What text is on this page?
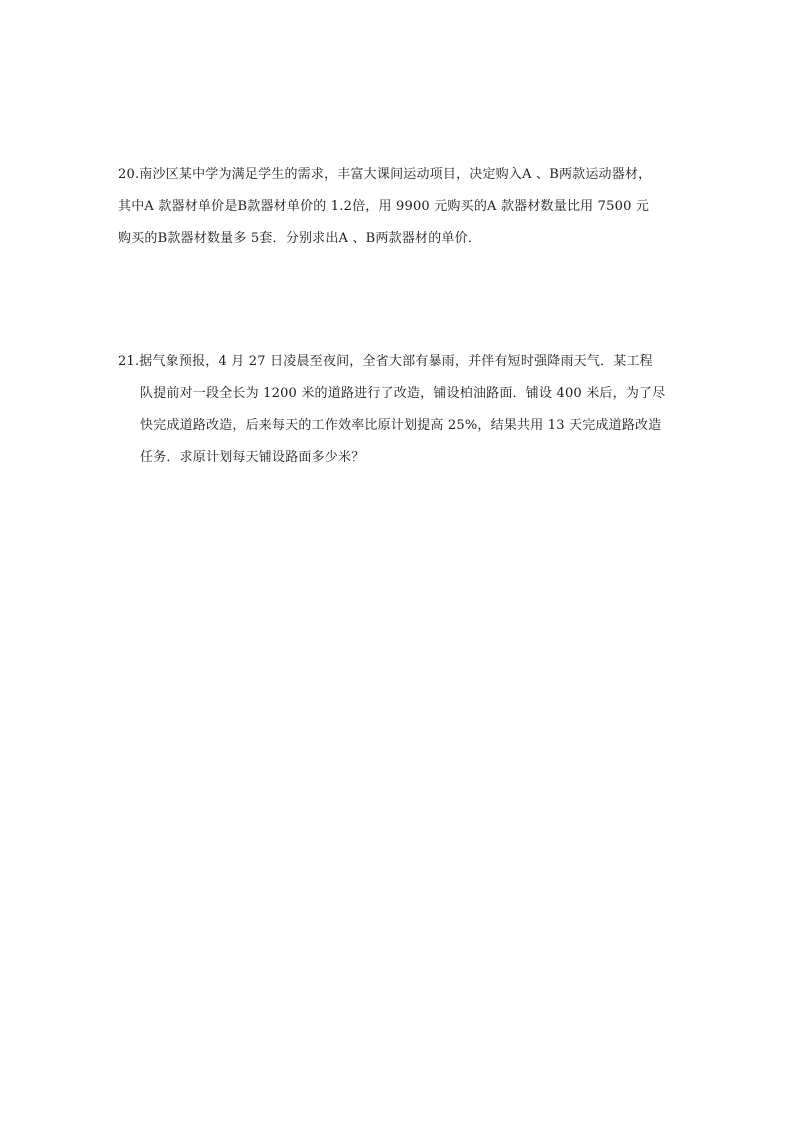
20.南沙区某中学为满足学生的需求，丰富大课间运动项目，决定购入A 、B两款运动器材，
其中A 款器材单价是B款器材单价的 1.2倍，用 9900 元购买的A 款器材数量比用 7500 元
购买的B款器材数量多 5套．分别求出A 、B两款器材的单价．
21.据气象预报，4 月 27 日凌晨至夜间，全省大部有暴雨，并伴有短时强降雨天气．某工程
队提前对一段全长为 1200 米的道路进行了改造，铺设柏油路面．铺设 400 米后，为了尽
快完成道路改造，后来每天的工作效率比原计划提高 25%，结果共用 13 天完成道路改造
任务．求原计划每天铺设路面多少米？
